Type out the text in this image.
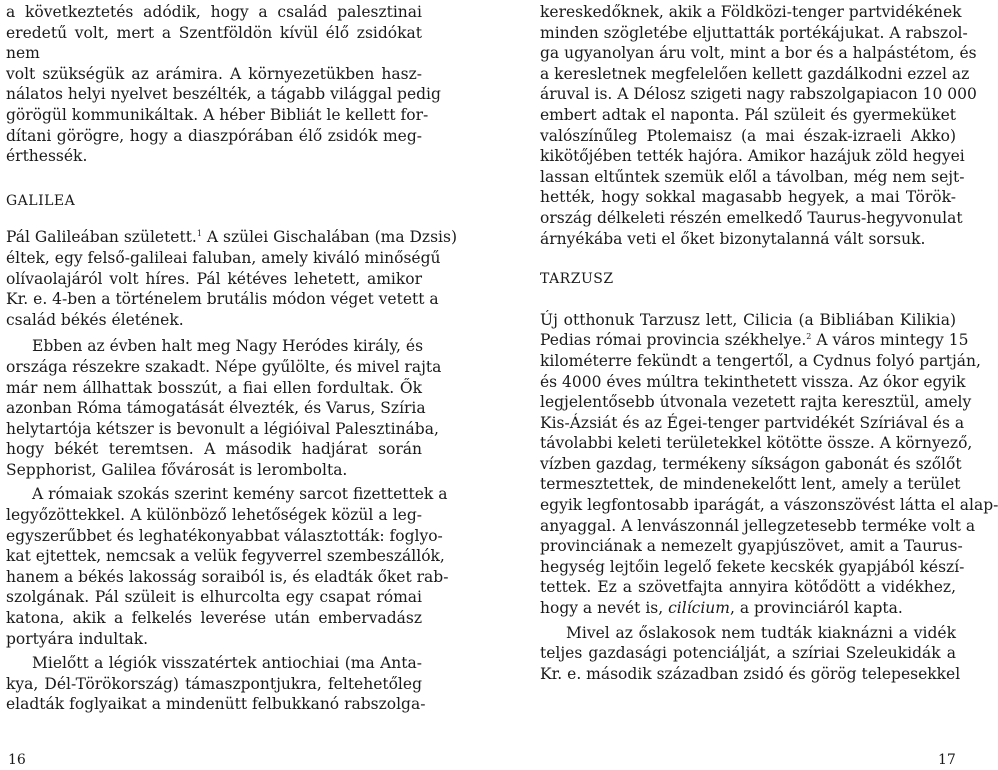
a következtetés adódik, hogy a család palesztinai eredetű volt, mert a Szentföldön kívül élő zsidókat nem
volt szükségük az arámira. A környezetükben hasz-
nálatos helyi nyelvet beszélték, a tágabb világgal pedig
görögül kommunikáltak. A héber Bibliát le kellett for-
dítani görögre, hogy a diaszpórában élő zsidók meg-
érthessék.
GALILEA
Pál Galileában született.$^1$ A szülei Gischalában (ma Dzsis)
éltek, egy felső-galileai faluban, amely kiváló minőségű
olívaolajáról volt híres. Pál kétéves lehetett, amikor
Kr. e. 4-ben a történelem brutális módon véget vetett a
család békés életének.
Ebben az évben halt meg Nagy Heródes király, és
országa részekre szakadt. Népe gyűlölte, és mivel rajta
már nem állhattak bosszút, a fiai ellen fordultak. Ők
azonban Róma támogatását élvezték, és Varus, Szíria
helytartója kétszer is bevonult a légióival Palesztinába,
hogy békét teremtsen. A második hadjárat során
Sepphorist, Galilea fővárosát is lerombolta.
A rómaiak szokás szerint kemény sarcot fizettettek a
legyőzöttekkel. A különböző lehetőségek közül a leg-
egyszerűbbet és leghatékonyabbat választották: foglyo-
kat ejtettek, nemcsak a velük fegyverrel szembeszállók,
hanem a békés lakosság soraiból is, és eladták őket rab-
szolgának. Pál szüleit is elhurcolta egy csapat római
katona, akik a felkelés leverése után embervadász
portyára indultak.
Mielőtt a légiók visszatértek antiochiai (ma Anta-
kya, Dél-Törökország) támaszpontjukra, feltehetőleg
eladták foglyaikat a mindenütt felbukkanó rabszolga-
kereskedőknek, akik a Földközi-tenger partvidékének
minden szögletébe eljuttatták portékájukat. A rabszol-
ga ugyanolyan áru volt, mint a bor és a halpástétom, és
a keresletnek megfelelően kellett gazdálkodni ezzel az
áruval is. A Délosz szigeti nagy rabszolgapiacon 10 000
embert adtak el naponta. Pál szüleit és gyermeküket
valószínűleg Ptolemaisz (a mai észak-izraeli Akko)
kikötőjében tették hajóra. Amikor hazájuk zöld hegyei
lassan eltűntek szemük elől a távolban, még nem sejt-
hették, hogy sokkal magasabb hegyek, a mai Török-
ország délkeleti részén emelkedő Taurus-hegyvonulat
árnyékába veti el őket bizonytalanná vált sorsuk.
TARZUSZ
Új otthonuk Tarzusz lett, Cilicia (a Bibliában Kilikia)
Pedias római provincia székhelye.$^2$ A város mintegy 15
kilométerre fekündt a tengertől, a Cydnus folyó partján,
és 4000 éves múltra tekinthetett vissza. Az ókor egyik
legjelentősebb útvonala vezetett rajta keresztül, amely
Kis-Ázsiát és az Égei-tenger partvidékét Szíriával és a
távolabbi keleti területekkel kötötte össze. A környező,
vízben gazdag, termékeny síkságon gabonát és szőlőt
termesztettek, de mindenekelőtt lent, amely a terület
egyik legfontosabb iparágát, a vászonszövést látta el alap-
anyaggal. A lenvászonnál jellegzetesebb terméke volt a
provinciának a nemezelt gyapjúszövet, amit a Taurus-
hegység lejtőin legelő fekete kecskék gyapjából készí-
tettek. Ez a szövetfajta annyira kötődött a vidékhez,
hogy a nevét is, cilícium, a provinciáról kapta.
Mivel az őslakosok nem tudták kiaknázni a vidék
teljes gazdasági potenciálját, a szíriai Szeleukidák a
Kr. e. második században zsidó és görög telepesekkel
16	17
